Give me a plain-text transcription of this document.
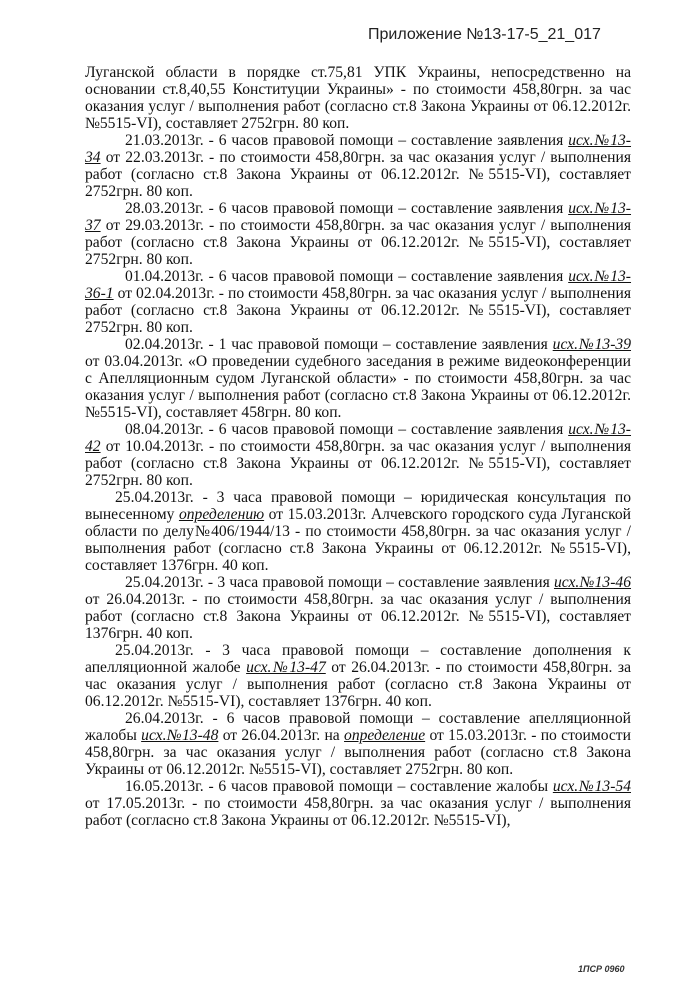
Приложение №13-17-5_21_017

Луганской области в порядке ст.75,81 УПК Украины, непосредственно на основании ст.8,40,55 Конституции Украины» - по стоимости 458,80грн. за час оказания услуг / выполнения работ (согласно ст.8 Закона Украины от 06.12.2012г. №5515-VI), составляет 2752грн. 80 коп.

21.03.2013г. - 6 часов правовой помощи – составление заявления исх.№13-34 от 22.03.2013г. - по стоимости 458,80грн. за час оказания услуг / выполнения работ (согласно ст.8 Закона Украины от 06.12.2012г. №5515-VI), составляет 2752грн. 80 коп.

28.03.2013г. - 6 часов правовой помощи – составление заявления исх.№13-37 от 29.03.2013г. - по стоимости 458,80грн. за час оказания услуг / выполнения работ (согласно ст.8 Закона Украины от 06.12.2012г. №5515-VI), составляет 2752грн. 80 коп.

01.04.2013г. - 6 часов правовой помощи – составление заявления исх.№13-36-1 от 02.04.2013г. - по стоимости 458,80грн. за час оказания услуг / выполнения работ (согласно ст.8 Закона Украины от 06.12.2012г. №5515-VI), составляет 2752грн. 80 коп.

02.04.2013г. - 1 час правовой помощи – составление заявления исх.№13-39 от 03.04.2013г. «О проведении судебного заседания в режиме видеоконференции с Апелляционным судом Луганской области» - по стоимости 458,80грн. за час оказания услуг / выполнения работ (согласно ст.8 Закона Украины от 06.12.2012г. №5515-VI), составляет 458грн. 80 коп.

08.04.2013г. - 6 часов правовой помощи – составление заявления исх.№13-42 от 10.04.2013г. - по стоимости 458,80грн. за час оказания услуг / выполнения работ (согласно ст.8 Закона Украины от 06.12.2012г. №5515-VI), составляет 2752грн. 80 коп.

25.04.2013г. - 3 часа правовой помощи – юридическая консультация по вынесенному определению от 15.03.2013г. Алчевского городского суда Луганской области по делу№406/1944/13 - по стоимости 458,80грн. за час оказания услуг / выполнения работ (согласно ст.8 Закона Украины от 06.12.2012г. №5515-VI), составляет 1376грн. 40 коп.

25.04.2013г. - 3 часа правовой помощи – составление заявления исх.№13-46 от 26.04.2013г. - по стоимости 458,80грн. за час оказания услуг / выполнения работ (согласно ст.8 Закона Украины от 06.12.2012г. №5515-VI), составляет 1376грн. 40 коп.

25.04.2013г. - 3 часа правовой помощи – составление дополнения к апелляционной жалобе исх.№13-47 от 26.04.2013г. - по стоимости 458,80грн. за час оказания услуг / выполнения работ (согласно ст.8 Закона Украины от 06.12.2012г. №5515-VI), составляет 1376грн. 40 коп.

26.04.2013г. - 6 часов правовой помощи – составление апелляционной жалобы исх.№13-48 от 26.04.2013г. на определение от 15.03.2013г. - по стоимости 458,80грн. за час оказания услуг / выполнения работ (согласно ст.8 Закона Украины от 06.12.2012г. №5515-VI), составляет 2752грн. 80 коп.

16.05.2013г. - 6 часов правовой помощи – составление жалобы исх.№13-54 от 17.05.2013г. - по стоимости 458,80грн. за час оказания услуг / выполнения работ (согласно ст.8 Закона Украины от 06.12.2012г. №5515-VI),

1ПСР 0960
